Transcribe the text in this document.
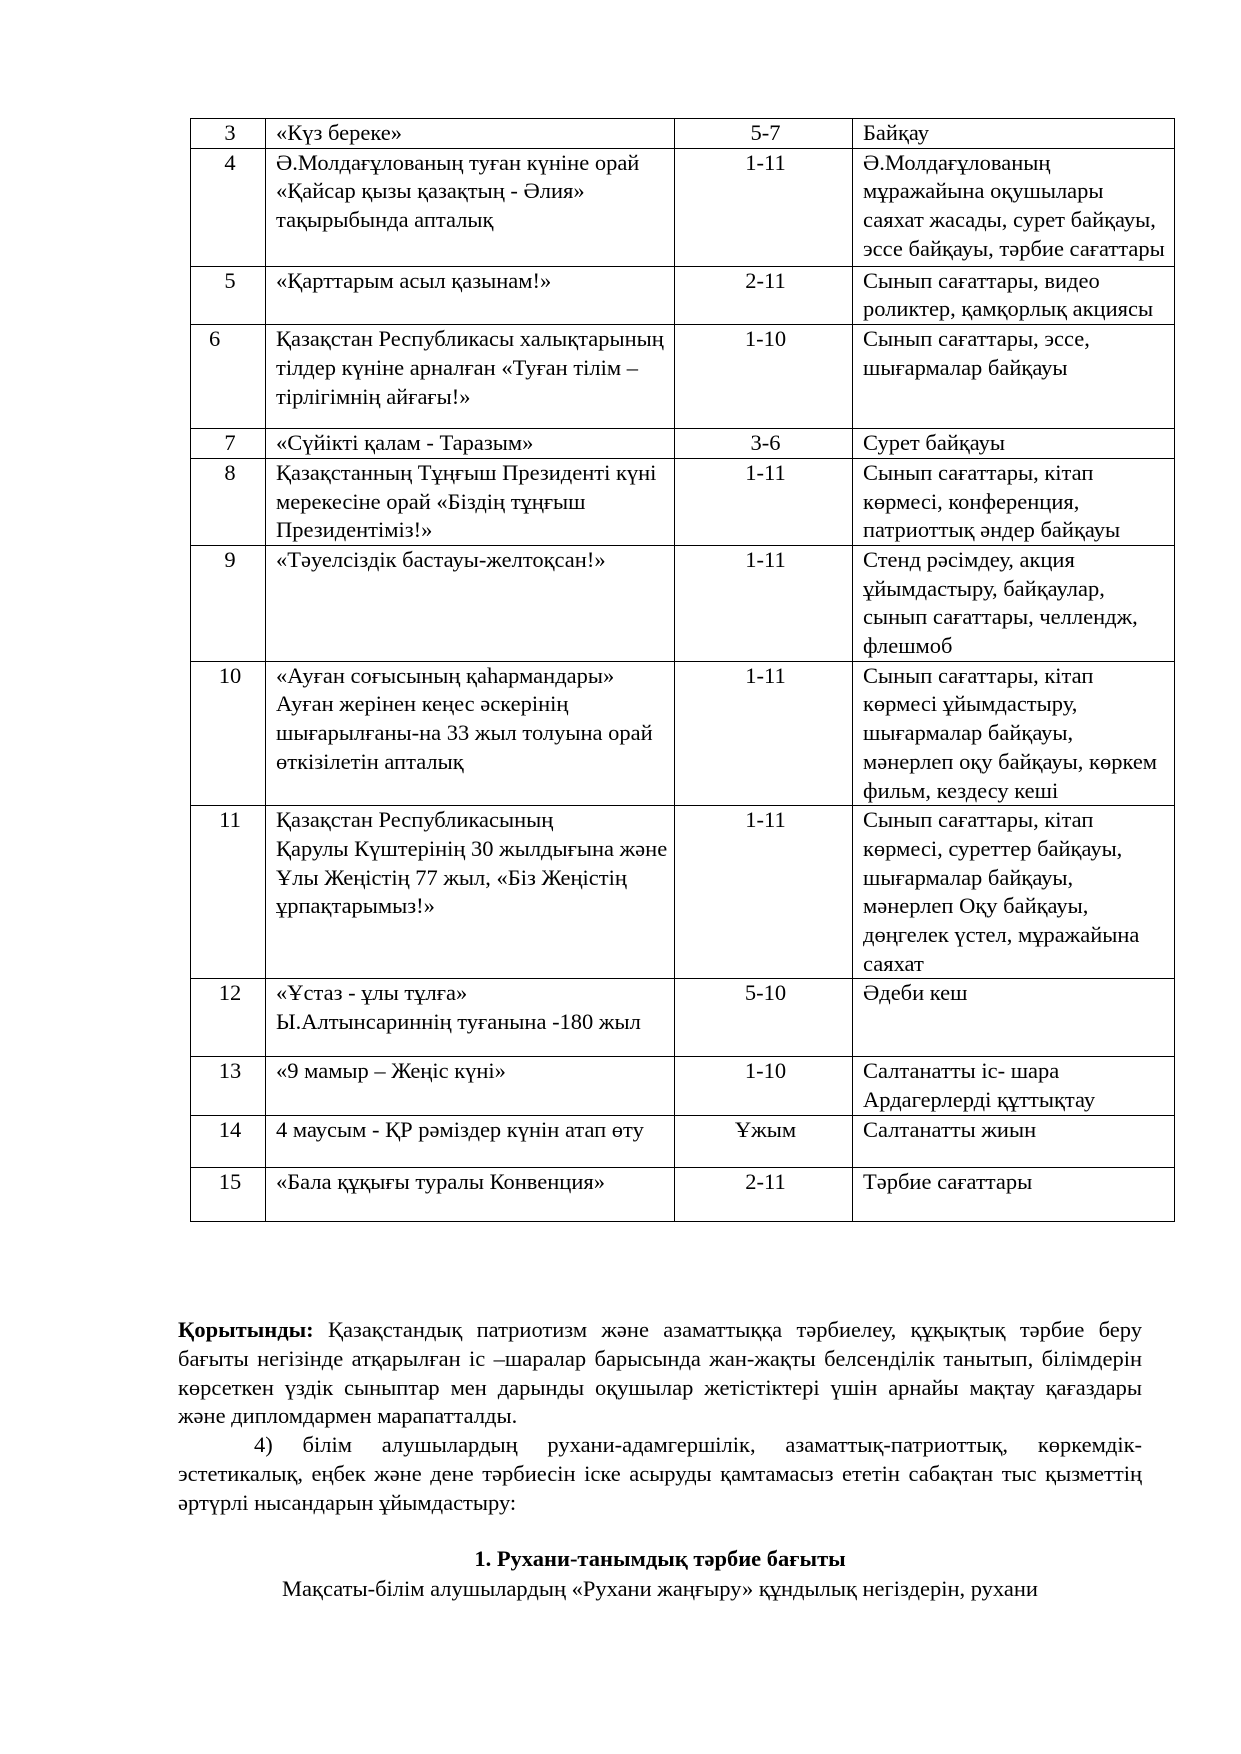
3	«Күз береке»	5-7	Байқау
4	Ә.Молдағұлованың туған күніне орай «Қайсар қызы қазақтың - Әлия» тақырыбында апталық	1-11	Ә.Молдағұлованың мұражайына оқушылары саяхат жасады, сурет байқауы, эссе байқауы, тәрбие сағаттары
5	«Қарттарым асыл қазынам!»	2-11	Сынып сағаттары, видео роликтер, қамқорлық акциясы
6	Қазақстан Республикасы халықтарының тілдер күніне арналған «Туған тілім – тірлігімнің айғағы!»	1-10	Сынып сағаттары, эссе, шығармалар байқауы
7	«Сүйікті қалам - Таразым»	3-6	Сурет байқауы
8	Қазақстанның Тұңғыш Президенті күні мерекесіне орай «Біздің тұңғыш Президентіміз!»	1-11	Сынып сағаттары, кітап көрмесі, конференция, патриоттық әндер байқауы
9	«Тәуелсіздік бастауы-желтоқсан!»	1-11	Стенд рәсімдеу, акция ұйымдастыру, байқаулар, сынып сағаттары, челлендж, флешмоб
10	«Ауған соғысының қаһармандары» Ауған жерінен кеңес әскерінің шығарылғаны-на 33 жыл толуына орай өткізілетін апталық	1-11	Сынып сағаттары, кітап көрмесі ұйымдастыру, шығармалар байқауы, мәнерлеп оқу байқауы, көркем фильм, кездесу кеші
11	Қазақстан Республикасының
Қарулы Күштерінің 30 жылдығына және
Ұлы Жеңістің 77 жыл, «Біз Жеңістің ұрпақтарымыз!»	1-11	Сынып сағаттары, кітап көрмесі, суреттер байқауы, шығармалар байқауы, мәнерлеп Оқу байқауы, дөңгелек үстел, мұражайына саяхат
12	«Ұстаз - ұлы тұлға»
Ы.Алтынсариннің туғанына -180 жыл	5-10	Әдеби кеш
13	«9 мамыр – Жеңіс күні»	1-10	Салтанатты іс- шара
Ардагерлерді құттықтау
14	4 маусым - ҚР рәміздер күнін атап өту	Ұжым	Салтанатты жиын
15	«Бала құқығы туралы Конвенция»	2-11	Тәрбие сағаттары

Қорытынды: Қазақстандық патриотизм және азаматтыққа тәрбиелеу, құқықтық тәрбие беру бағыты негізінде атқарылған іс –шаралар барысында жан-жақты белсенділік танытып, білімдерін көрсеткен үздік сыныптар мен дарынды оқушылар жетістіктері үшін арнайы мақтау қағаздары және дипломдармен марапатталды.

4) білім алушылардың рухани-адамгершілік, азаматтық-патриоттық, көркемдік-эстетикалық, еңбек және дене тәрбиесін іске асыруды қамтамасыз ететін сабақтан тыс қызметтің әртүрлі нысандарын ұйымдастыру:

1. Рухани-танымдық тәрбие бағыты
Мақсаты-білім алушылардың «Рухани жаңғыру» құндылық негіздерін, рухани
